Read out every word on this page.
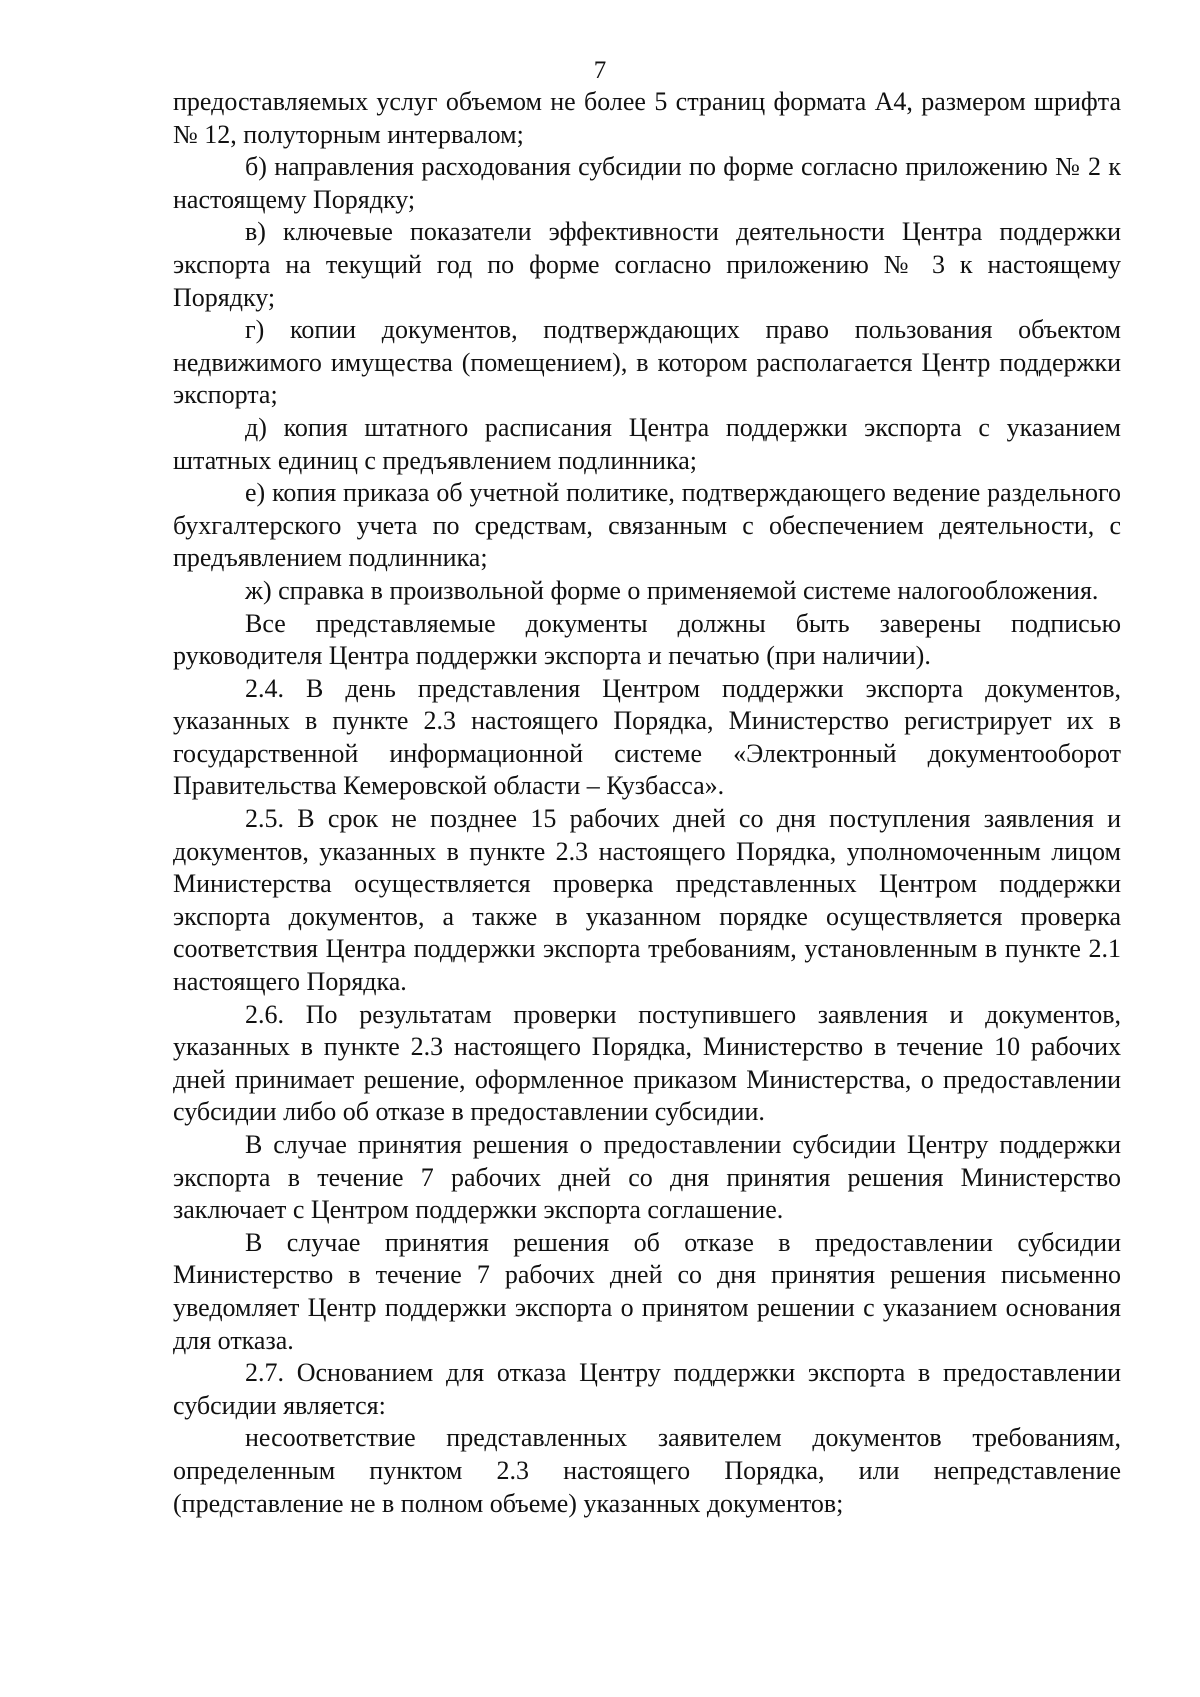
7

предоставляемых услуг объемом не более 5 страниц формата А4, размером шрифта № 12, полуторным интервалом;

б) направления расходования субсидии по форме согласно приложению № 2 к настоящему Порядку;

в) ключевые показатели эффективности деятельности Центра поддержки экспорта на текущий год по форме согласно приложению № 3 к настоящему Порядку;

г) копии документов, подтверждающих право пользования объектом недвижимого имущества (помещением), в котором располагается Центр поддержки экспорта;

д) копия штатного расписания Центра поддержки экспорта с указанием штатных единиц с предъявлением подлинника;

е) копия приказа об учетной политике, подтверждающего ведение раздельного бухгалтерского учета по средствам, связанным с обеспечением деятельности, с предъявлением подлинника;

ж) справка в произвольной форме о применяемой системе налогообложения.

Все представляемые документы должны быть заверены подписью руководителя Центра поддержки экспорта и печатью (при наличии).

2.4. В день представления Центром поддержки экспорта документов, указанных в пункте 2.3 настоящего Порядка, Министерство регистрирует их в государственной информационной системе «Электронный документооборот Правительства Кемеровской области – Кузбасса».

2.5. В срок не позднее 15 рабочих дней со дня поступления заявления и документов, указанных в пункте 2.3 настоящего Порядка, уполномоченным лицом Министерства осуществляется проверка представленных Центром поддержки экспорта документов, а также в указанном порядке осуществляется проверка соответствия Центра поддержки экспорта требованиям, установленным в пункте 2.1 настоящего Порядка.

2.6. По результатам проверки поступившего заявления и документов, указанных в пункте 2.3 настоящего Порядка, Министерство в течение 10 рабочих дней принимает решение, оформленное приказом Министерства, о предоставлении субсидии либо об отказе в предоставлении субсидии.

В случае принятия решения о предоставлении субсидии Центру поддержки экспорта в течение 7 рабочих дней со дня принятия решения Министерство заключает с Центром поддержки экспорта соглашение.

В случае принятия решения об отказе в предоставлении субсидии Министерство в течение 7 рабочих дней со дня принятия решения письменно уведомляет Центр поддержки экспорта о принятом решении с указанием основания для отказа.

2.7. Основанием для отказа Центру поддержки экспорта в предоставлении субсидии является:

несоответствие представленных заявителем документов требованиям, определенным пунктом 2.3 настоящего Порядка, или непредставление (представление не в полном объеме) указанных документов;
